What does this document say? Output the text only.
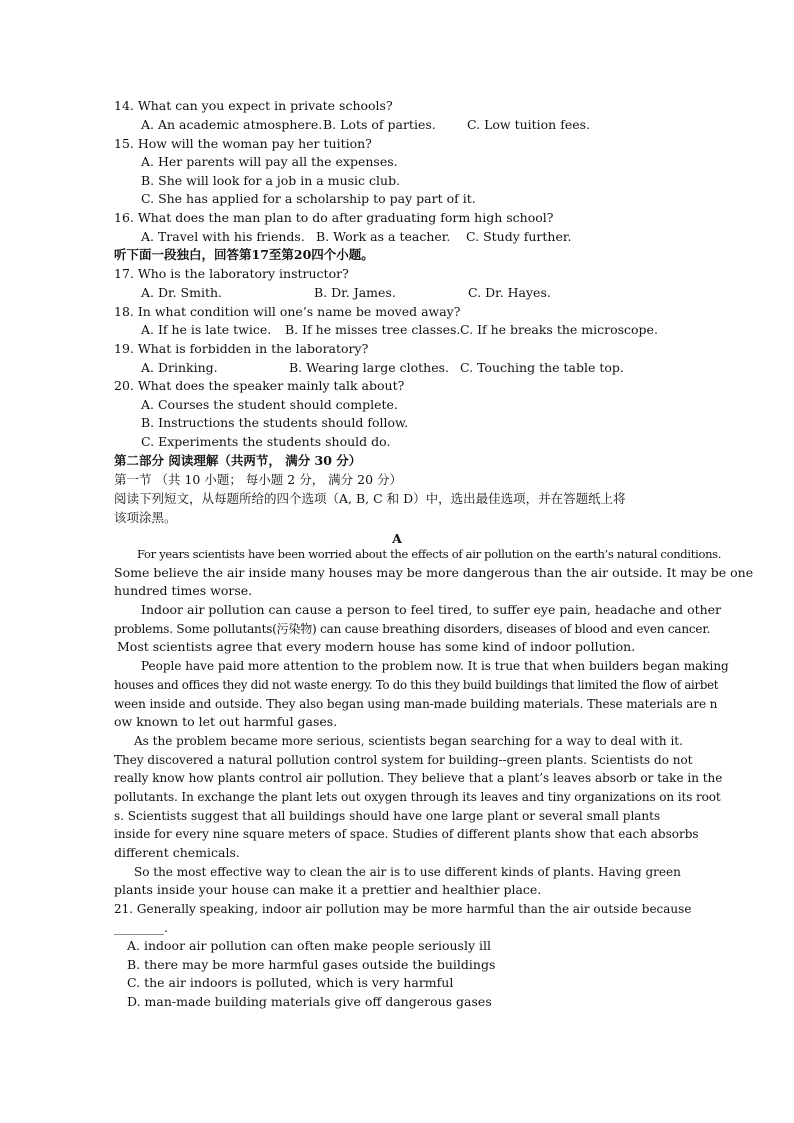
14. What can you expect in private schools?
A. An academic atmosphere. B. Lots of parties.	C. Low tuition fees.
15. How will the woman pay her tuition?
A. Her parents will pay all the expenses.
B. She will look for a job in a music club.
C. She has applied for a scholarship to pay part of it.
16. What does the man plan to do after graduating form high school?
A. Travel with his friends. B. Work as a teacher. C. Study further.
听下面一段独白，回答第17至第20四个小题。
17. Who is the laboratory instructor?
A. Dr. Smith.	B. Dr. James.	C. Dr. Hayes.
18. In what condition will one’s name be moved away?
A. If he is late twice. B. If he misses tree classes. C. If he breaks the microscope.
19. What is forbidden in the laboratory?
A. Drinking.	B. Wearing large clothes. C. Touching the table top.
20. What does the speaker mainly talk about?
A. Courses the student should complete.
B. Instructions the students should follow.
C. Experiments the students should do.
第二部分 阅读理解（共两节， 满分 30 分）
第一节 （共 10 小题； 每小题 2 分， 满分 20 分）
阅读下列短文，从每题所给的四个选项（A, B, C 和 D）中，选出最佳选项，并在答题纸上将
该项涂黑。
A
For years scientists have been worried about the effects of air pollution on the earth’s natural conditions.
Some believe the air inside many houses may be more dangerous than the air outside. It may be one
hundred times worse.
Indoor air pollution can cause a person to feel tired, to suffer eye pain, headache and other
problems. Some pollutants(污染物) can cause breathing disorders, diseases of blood and even cancer.
Most scientists agree that every modern house has some kind of indoor pollution.
People have paid more attention to the problem now. It is true that when builders began making
houses and offices they did not waste energy. To do this they build buildings that limited the flow of airbet
ween inside and outside. They also began using man-made building materials. These materials are n
ow known to let out harmful gases.
As the problem became more serious, scientists began searching for a way to deal with it.
They discovered a natural pollution control system for building--green plants. Scientists do not
really know how plants control air pollution. They believe that a plant’s leaves absorb or take in the
pollutants. In exchange the plant lets out oxygen through its leaves and tiny organizations on its root
s. Scientists suggest that all buildings should have one large plant or several small plants
inside for every nine square meters of space. Studies of different plants show that each absorbs
different chemicals.
So the most effective way to clean the air is to use different kinds of plants. Having green
plants inside your house can make it a prettier and healthier place.
21. Generally speaking, indoor air pollution may be more harmful than the air outside because
________.
A. indoor air pollution can often make people seriously ill
B. there may be more harmful gases outside the buildings
C. the air indoors is polluted, which is very harmful
D. man-made building materials give off dangerous gases
